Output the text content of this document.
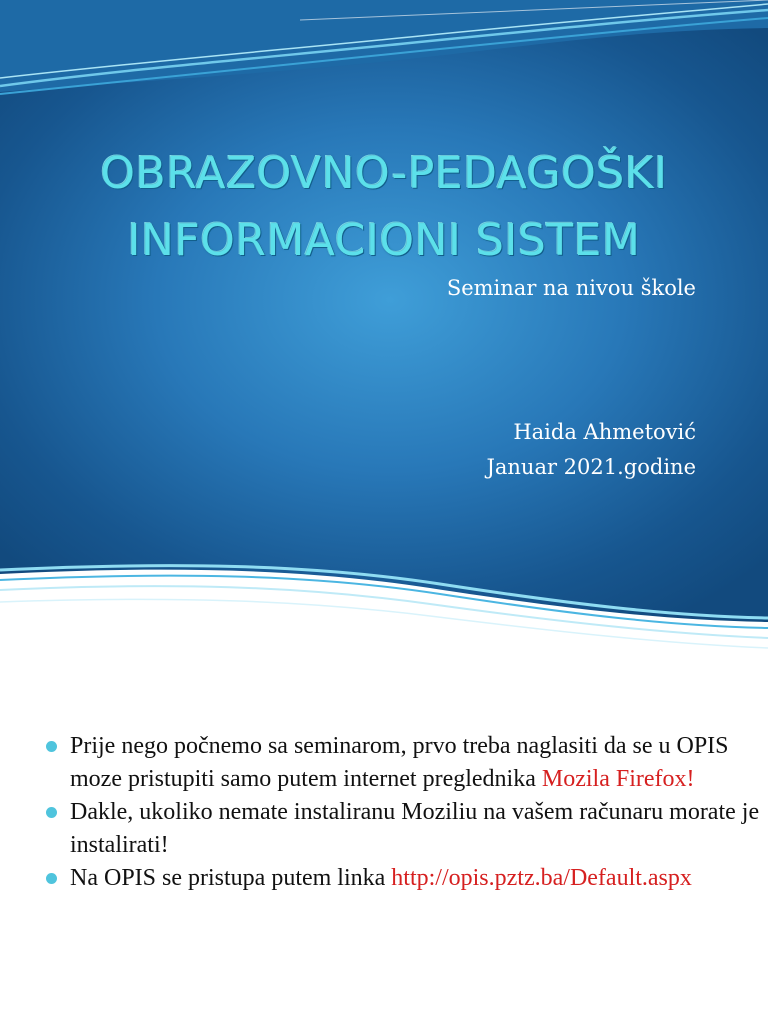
OBRAZOVNO-PEDAGOŠKI
INFORMACIONI SISTEM

Seminar na nivou škole

Haida Ahmetović

Januar 2021.godine

Prije nego počnemo sa seminarom, prvo treba naglasiti da se u OPIS moze pristupiti samo putem internet preglednika Mozila Firefox!
Dakle, ukoliko nemate instaliranu Moziliu na vašem računaru morate je instalirati!
Na OPIS se pristupa putem linka http://opis.pztz.ba/Default.aspx
